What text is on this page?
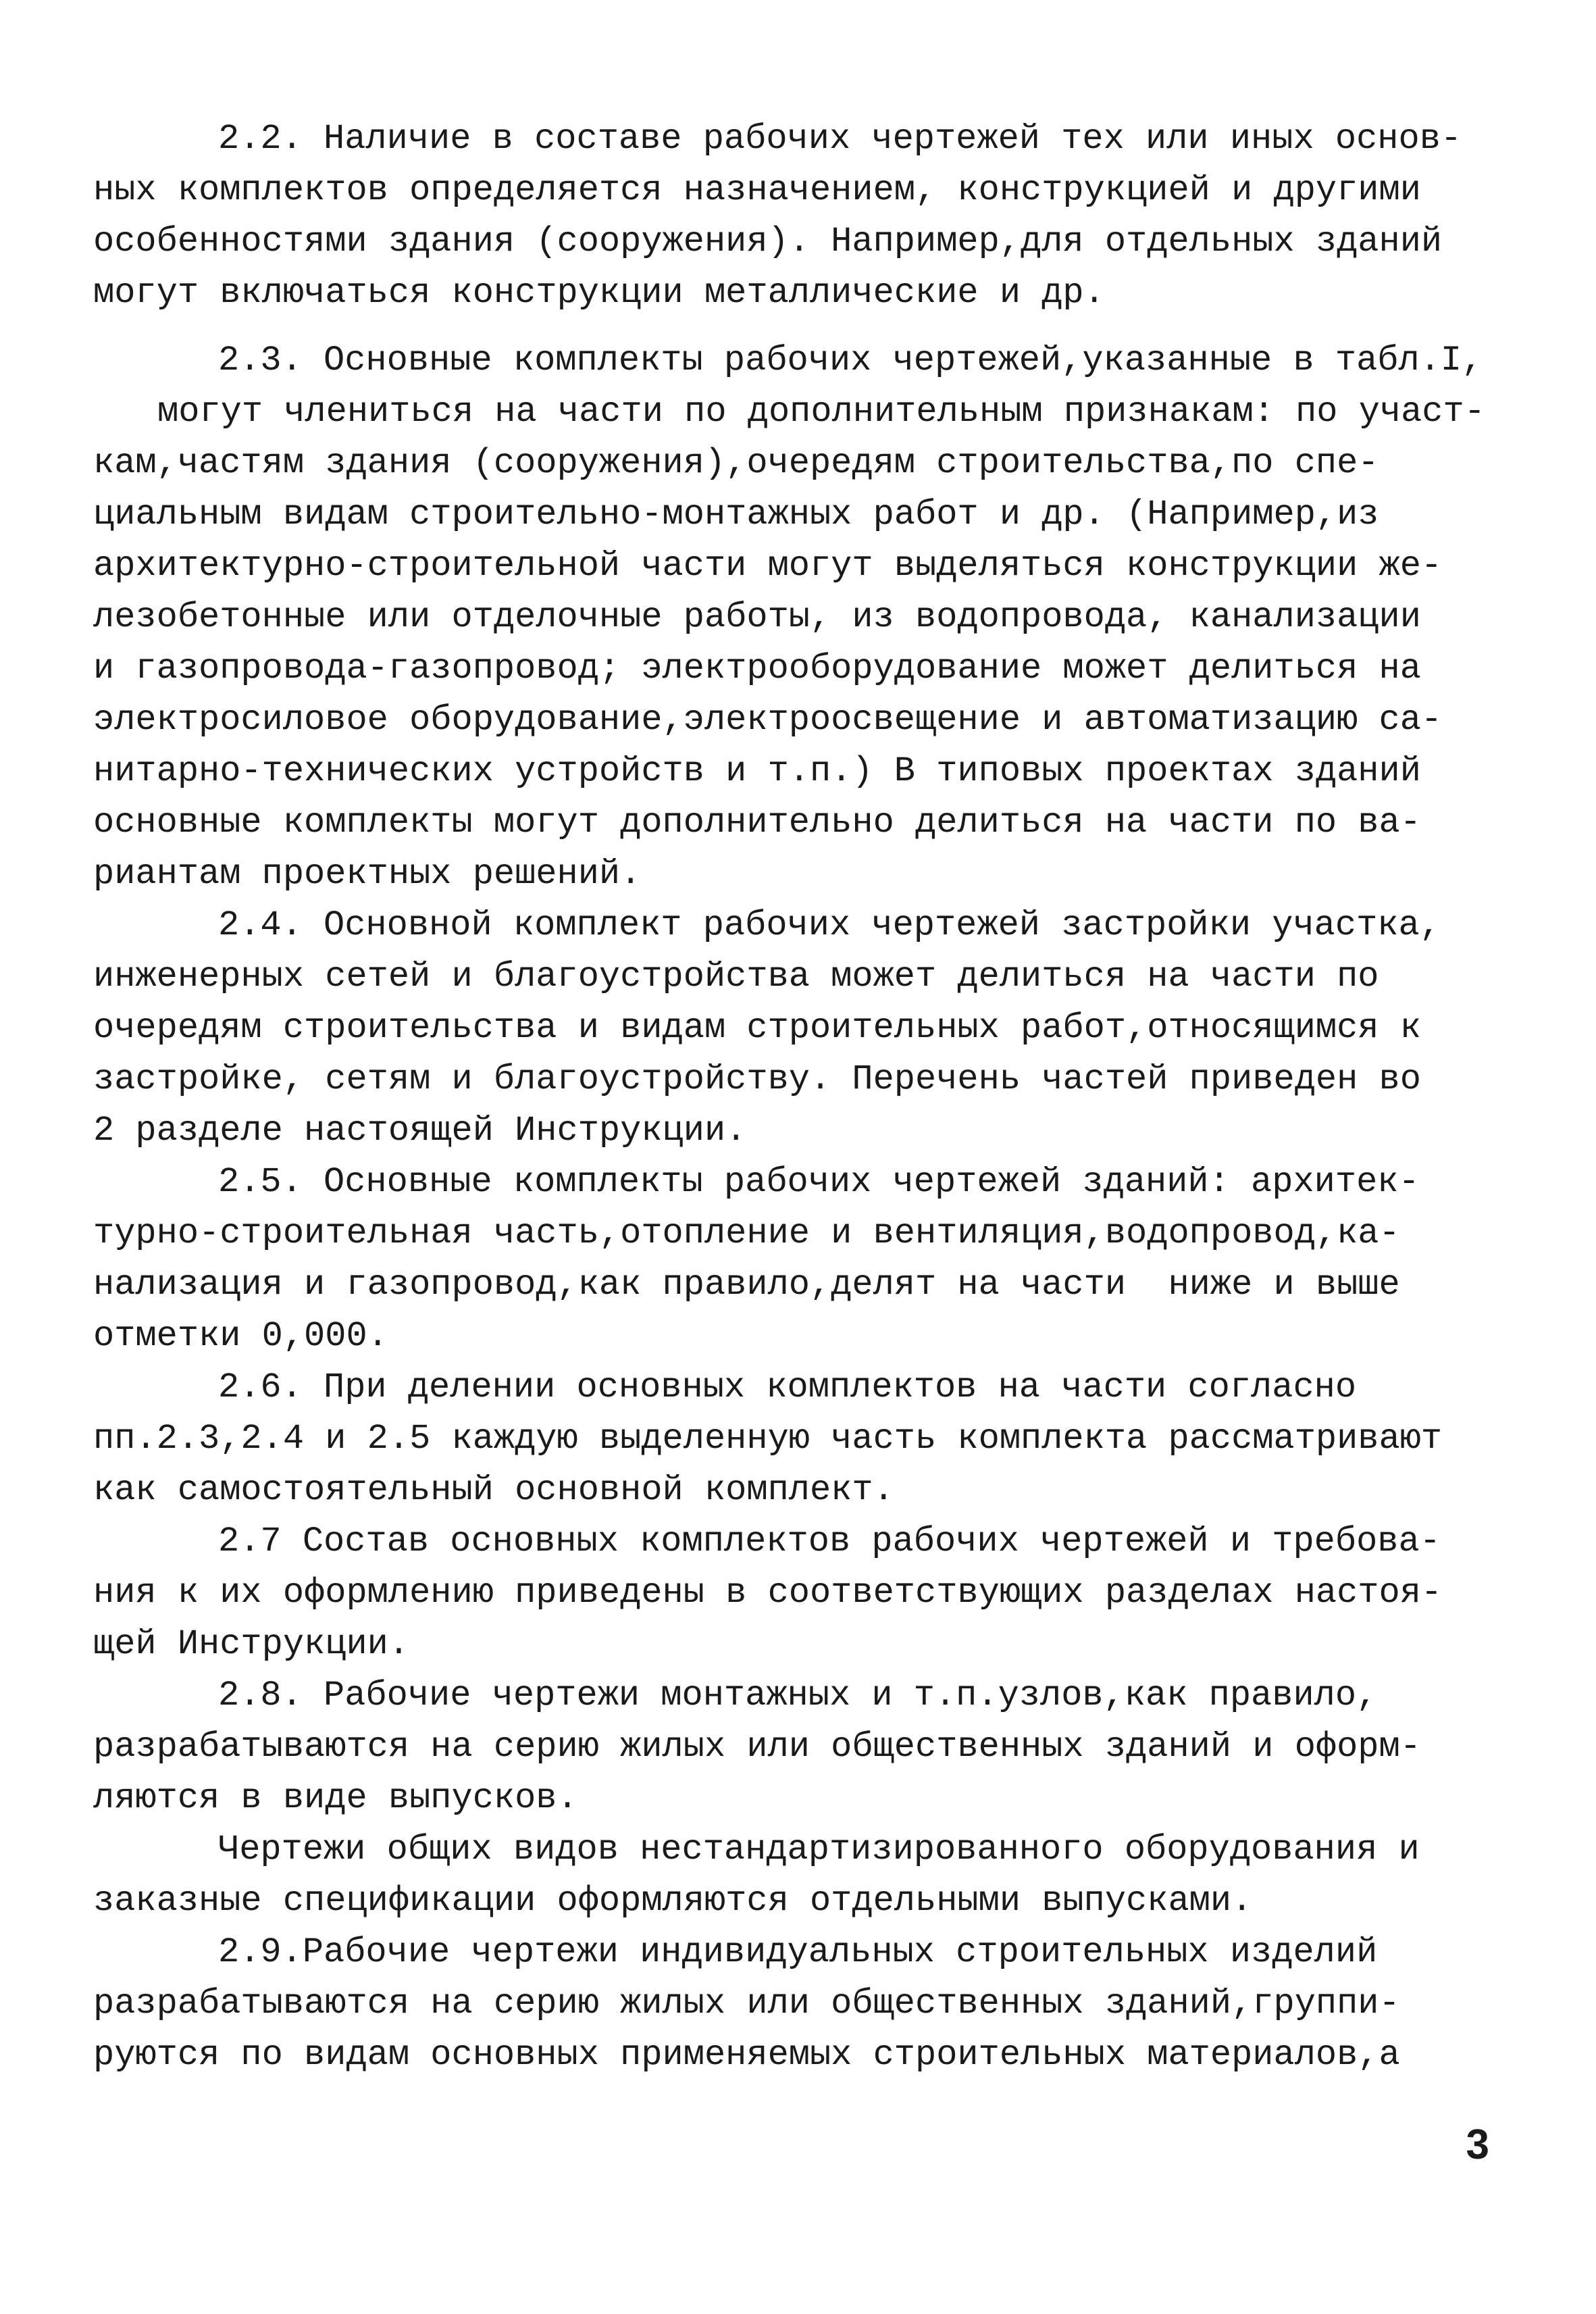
2.2. Наличие в составе рабочих чертежей тех или иных основ-
ных комплектов определяется назначением, конструкцией и другими
особенностями здания (сооружения). Например,для отдельных зданий
могут включаться конструкции металлические и др.
2.3. Основные комплекты рабочих чертежей,указанные в табл.I,
могут члениться на части по дополнительным признакам: по участ-
кам,частям здания (сооружения),очередям строительства,по спе-
циальным видам строительно-монтажных работ и др. (Например,из
архитектурно-строительной части могут выделяться конструкции же-
лезобетонные или отделочные работы, из водопровода, канализации
и газопровода-газопровод; электрооборудование может делиться на
электросиловое оборудование,электроосвещение и автоматизацию са-
нитарно-технических устройств и т.п.) В типовых проектах зданий
основные комплекты могут дополнительно делиться на части по ва-
риантам проектных решений.
2.4. Основной комплект рабочих чертежей застройки участка,
инженерных сетей и благоустройства может делиться на части по
очередям строительства и видам строительных работ,относящимся к
застройке, сетям и благоустройству. Перечень частей приведен во
2 разделе настоящей Инструкции.
2.5. Основные комплекты рабочих чертежей зданий: архитек-
турно-строительная часть,отопление и вентиляция,водопровод,ка-
нализация и газопровод,как правило,делят на части  ниже и выше
отметки 0,000.
2.6. При делении основных комплектов на части согласно
пп.2.3,2.4 и 2.5 каждую выделенную часть комплекта рассматривают
как самостоятельный основной комплект.
2.7 Состав основных комплектов рабочих чертежей и требова-
ния к их оформлению приведены в соответствующих разделах настоя-
щей Инструкции.
2.8. Рабочие чертежи монтажных и т.п.узлов,как правило,
разрабатываются на серию жилых или общественных зданий и оформ-
ляются в виде выпусков.
Чертежи общих видов нестандартизированного оборудования и
заказные спецификации оформляются отдельными выпусками.
2.9.Рабочие чертежи индивидуальных строительных изделий
разрабатываются на серию жилых или общественных зданий,группи-
руются по видам основных применяемых строительных материалов,а
3
